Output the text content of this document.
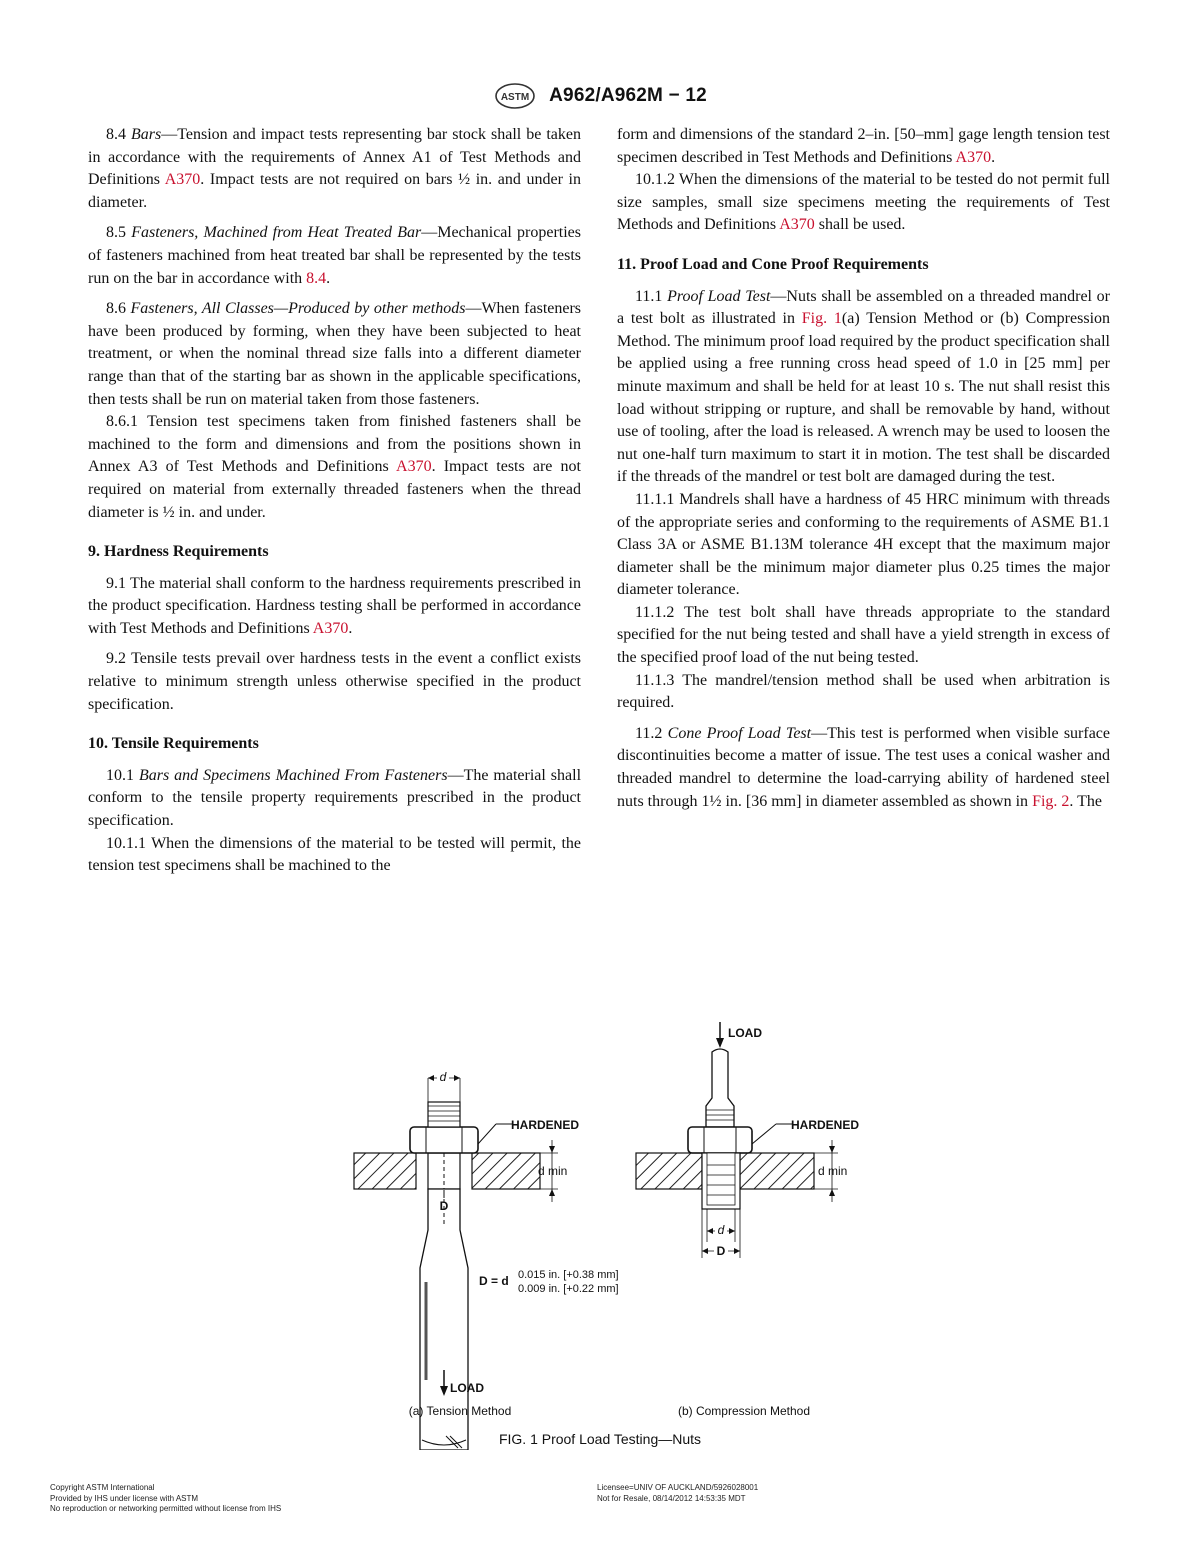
ASTM A962/A962M − 12

8.4 Bars—Tension and impact tests representing bar stock shall be taken in accordance with the requirements of Annex A1 of Test Methods and Definitions A370. Impact tests are not required on bars ½ in. and under in diameter.

8.5 Fasteners, Machined from Heat Treated Bar—Mechanical properties of fasteners machined from heat treated bar shall be represented by the tests run on the bar in accordance with 8.4.

8.6 Fasteners, All Classes—Produced by other methods—When fasteners have been produced by forming, when they have been subjected to heat treatment, or when the nominal thread size falls into a different diameter range than that of the starting bar as shown in the applicable specifications, then tests shall be run on material taken from those fasteners.

8.6.1 Tension test specimens taken from finished fasteners shall be machined to the form and dimensions and from the positions shown in Annex A3 of Test Methods and Definitions A370. Impact tests are not required on material from externally threaded fasteners when the thread diameter is ½ in. and under.

9. Hardness Requirements

9.1 The material shall conform to the hardness requirements prescribed in the product specification. Hardness testing shall be performed in accordance with Test Methods and Definitions A370.

9.2 Tensile tests prevail over hardness tests in the event a conflict exists relative to minimum strength unless otherwise specified in the product specification.

10. Tensile Requirements

10.1 Bars and Specimens Machined From Fasteners—The material shall conform to the tensile property requirements prescribed in the product specification.

10.1.1 When the dimensions of the material to be tested will permit, the tension test specimens shall be machined to the

form and dimensions of the standard 2–in. [50–mm] gage length tension test specimen described in Test Methods and Definitions A370.

10.1.2 When the dimensions of the material to be tested do not permit full size samples, small size specimens meeting the requirements of Test Methods and Definitions A370 shall be used.

11. Proof Load and Cone Proof Requirements

11.1 Proof Load Test—Nuts shall be assembled on a threaded mandrel or a test bolt as illustrated in Fig. 1(a) Tension Method or (b) Compression Method. The minimum proof load required by the product specification shall be applied using a free running cross head speed of 1.0 in [25 mm] per minute maximum and shall be held for at least 10 s. The nut shall resist this load without stripping or rupture, and shall be removable by hand, without use of tooling, after the load is released. A wrench may be used to loosen the nut one-half turn maximum to start it in motion. The test shall be discarded if the threads of the mandrel or test bolt are damaged during the test.

11.1.1 Mandrels shall have a hardness of 45 HRC minimum with threads of the appropriate series and conforming to the requirements of ASME B1.1 Class 3A or ASME B1.13M tolerance 4H except that the maximum major diameter shall be the minimum major diameter plus 0.25 times the major diameter tolerance.

11.1.2 The test bolt shall have threads appropriate to the standard specified for the nut being tested and shall have a yield strength in excess of the specified proof load of the nut being tested.

11.1.3 The mandrel/tension method shall be used when arbitration is required.

11.2 Cone Proof Load Test—This test is performed when visible surface discontinuities become a matter of issue. The test uses a conical washer and threaded mandrel to determine the load-carrying ability of hardened steel nuts through 1½ in. [36 mm] in diameter assembled as shown in Fig. 2. The

d
D
HARDENED
d min
D = d 0.015 in. [+0.38 mm]
0.009 in. [+0.22 mm]
LOAD
(a) Tension Method
LOAD
d
D
HARDENED
d min
(b) Compression Method
FIG. 1 Proof Load Testing—Nuts
Copyright ASTM International
Provided by IHS under license with ASTM
No reproduction or networking permitted without license from IHS
Licensee=UNIV OF AUCKLAND/5926028001
Not for Resale, 08/14/2012 14:53:35 MDT
